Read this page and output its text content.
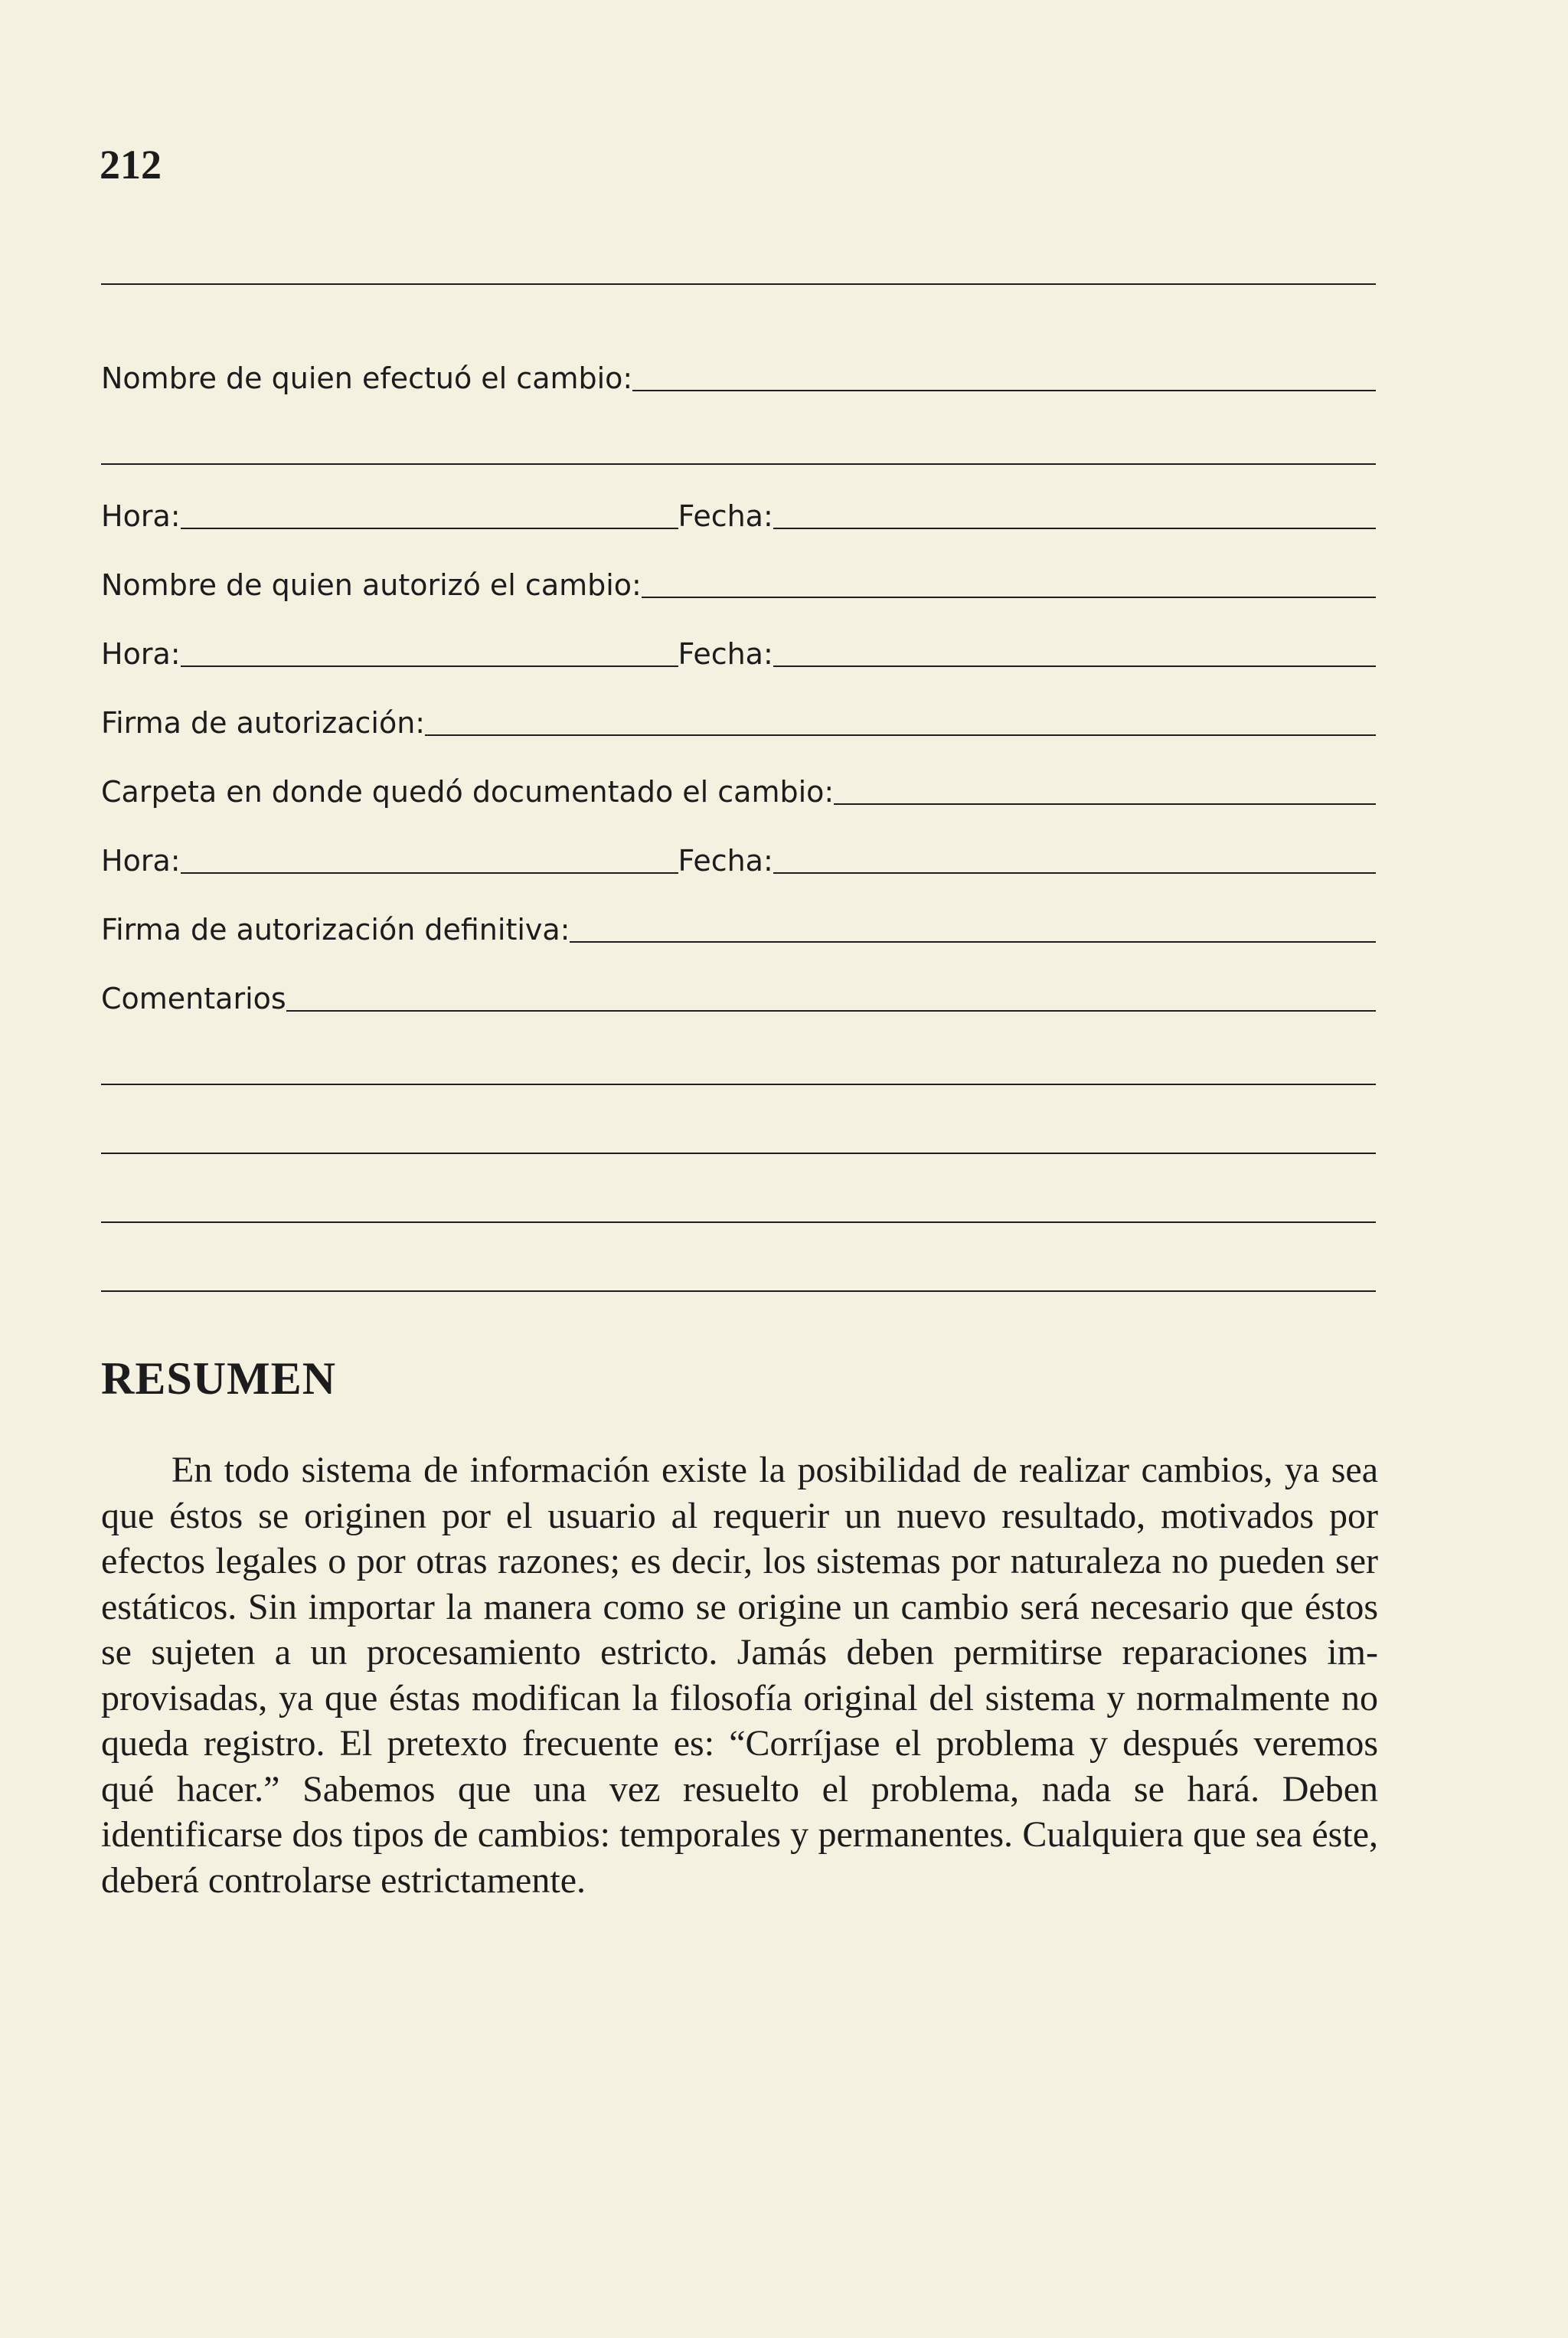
212
Nombre de quien efectuó el cambio:
Hora:	Fecha:
Nombre de quien autorizó el cambio:
Hora:	Fecha:
Firma de autorización:
Carpeta en donde quedó documentado el cambio:
Hora:	Fecha:
Firma de autorización definitiva:
Comentarios
RESUMEN

En todo sistema de información existe la posibilidad de realizar cambios, ya sea que éstos se originen por el usuario al requerir un nuevo resultado, motivados por efectos legales o por otras razones; es decir, los sistemas por naturaleza no pueden ser estáticos. Sin importar la manera como se origine un cambio será necesario que éstos se sujeten a un procesamiento estricto. Jamás deben permitirse reparaciones improvisadas, ya que éstas modifican la filosofía original del sistema y normalmente no queda registro. El pretexto frecuente es: “Corríjase el problema y después veremos qué hacer.” Sabemos que una vez resuelto el problema, nada se hará. Deben identificarse dos tipos de cambios: temporales y permanentes. Cualquiera que sea éste, deberá controlarse estrictamente.
